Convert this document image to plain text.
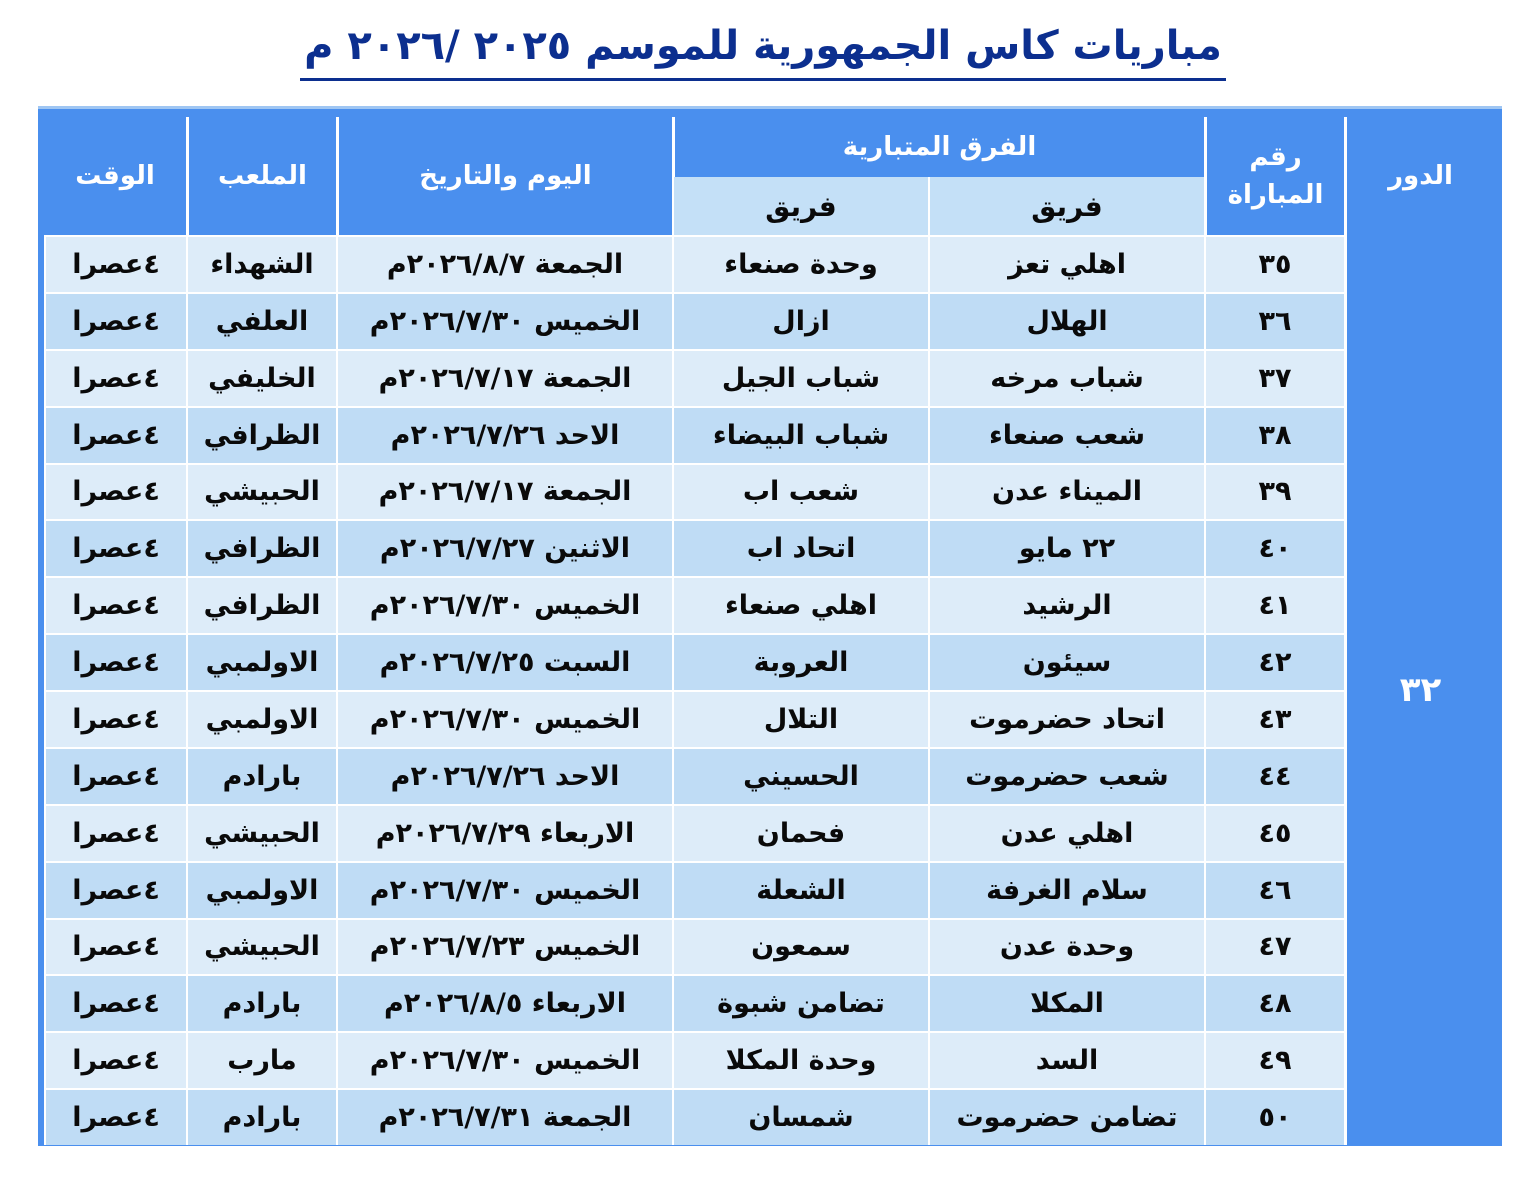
مباريات كاس الجمهورية للموسم ٢٠٢٥ /٢٠٢٦ م
الدور	رقم المباراة	الفرق المتبارية		اليوم والتاريخ	الملعب	الوقت
		فريق	فريق			
٣٢	٣٥	اهلي تعز	وحدة صنعاء	الجمعة ٢٠٢٦/٨/٧م	الشهداء	٤عصرا
	٣٦	الهلال	ازال	الخميس ٢٠٢٦/٧/٣٠م	العلفي	٤عصرا
	٣٧	شباب مرخه	شباب الجيل	الجمعة ٢٠٢٦/٧/١٧م	الخليفي	٤عصرا
	٣٨	شعب صنعاء	شباب البيضاء	الاحد ٢٠٢٦/٧/٢٦م	الظرافي	٤عصرا
	٣٩	الميناء عدن	شعب اب	الجمعة ٢٠٢٦/٧/١٧م	الحبيشي	٤عصرا
	٤٠	٢٢ مايو	اتحاد اب	الاثنين ٢٠٢٦/٧/٢٧م	الظرافي	٤عصرا
	٤١	الرشيد	اهلي صنعاء	الخميس ٢٠٢٦/٧/٣٠م	الظرافي	٤عصرا
	٤٢	سيئون	العروبة	السبت ٢٠٢٦/٧/٢٥م	الاولمبي	٤عصرا
	٤٣	اتحاد حضرموت	التلال	الخميس ٢٠٢٦/٧/٣٠م	الاولمبي	٤عصرا
	٤٤	شعب حضرموت	الحسيني	الاحد ٢٠٢٦/٧/٢٦م	بارادم	٤عصرا
	٤٥	اهلي عدن	فحمان	الاربعاء ٢٠٢٦/٧/٢٩م	الحبيشي	٤عصرا
	٤٦	سلام الغرفة	الشعلة	الخميس ٢٠٢٦/٧/٣٠م	الاولمبي	٤عصرا
	٤٧	وحدة عدن	سمعون	الخميس ٢٠٢٦/٧/٢٣م	الحبيشي	٤عصرا
	٤٨	المكلا	تضامن شبوة	الاربعاء ٢٠٢٦/٨/٥م	بارادم	٤عصرا
	٤٩	السد	وحدة المكلا	الخميس ٢٠٢٦/٧/٣٠م	مارب	٤عصرا
	٥٠	تضامن حضرموت	شمسان	الجمعة ٢٠٢٦/٧/٣١م	بارادم	٤عصرا
